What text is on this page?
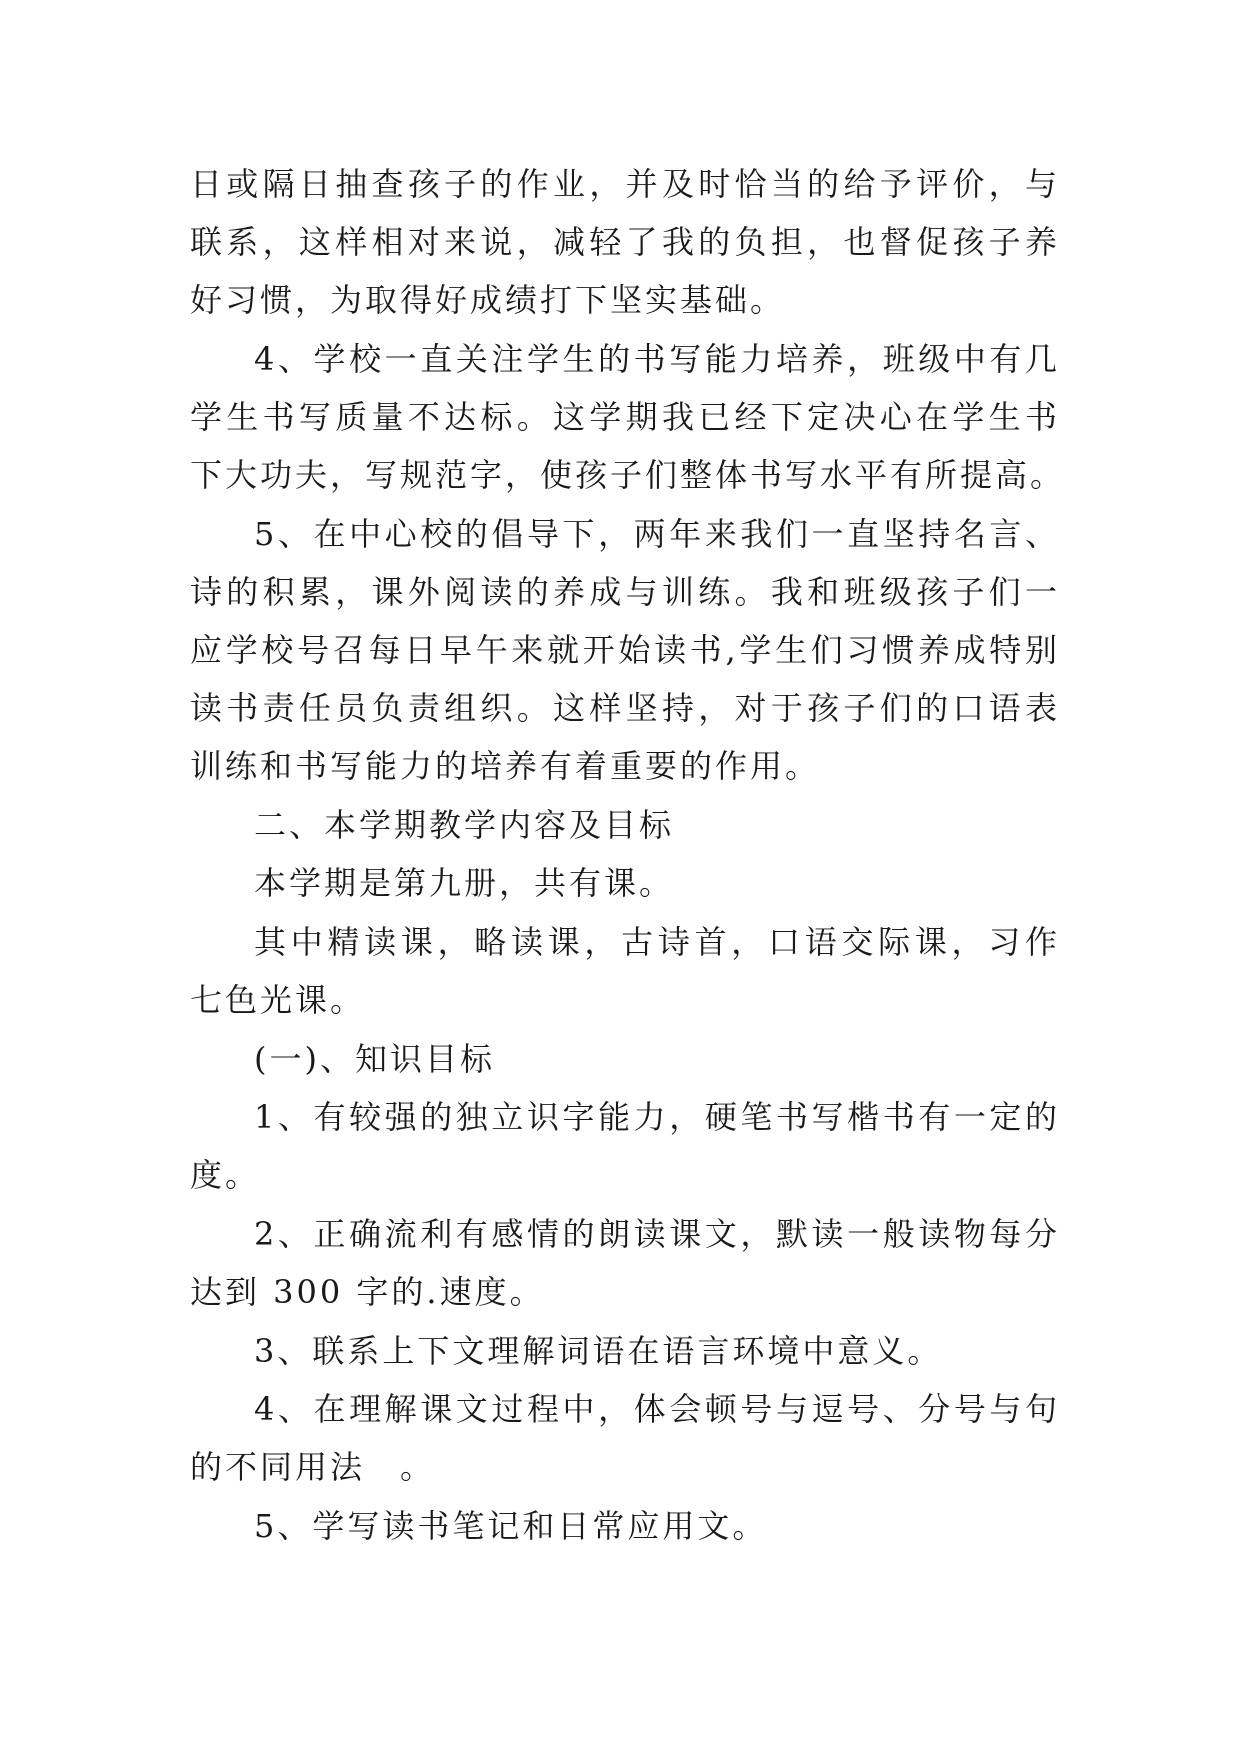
日或隔日抽查孩子的作业，并及时恰当的给予评价，与
联系，这样相对来说，减轻了我的负担，也督促孩子养
好习惯，为取得好成绩打下坚实基础。
4、学校一直关注学生的书写能力培养，班级中有几
学生书写质量不达标。这学期我已经下定决心在学生书
下大功夫，写规范字，使孩子们整体书写水平有所提高。
5、在中心校的倡导下，两年来我们一直坚持名言、
诗的积累，课外阅读的养成与训练。我和班级孩子们一
应学校号召每日早午来就开始读书,学生们习惯养成特别
读书责任员负责组织。这样坚持，对于孩子们的口语表
训练和书写能力的培养有着重要的作用。
二、本学期教学内容及目标
本学期是第九册，共有课。
其中精读课，略读课，古诗首，口语交际课，习作
七色光课。
(一)、知识目标
1、有较强的独立识字能力，硬笔书写楷书有一定的
度。
2、正确流利有感情的朗读课文，默读一般读物每分
达到 300 字的.速度。
3、联系上下文理解词语在语言环境中意义。
4、在理解课文过程中，体会顿号与逗号、分号与句
的不同用法　。
5、学写读书笔记和日常应用文。
